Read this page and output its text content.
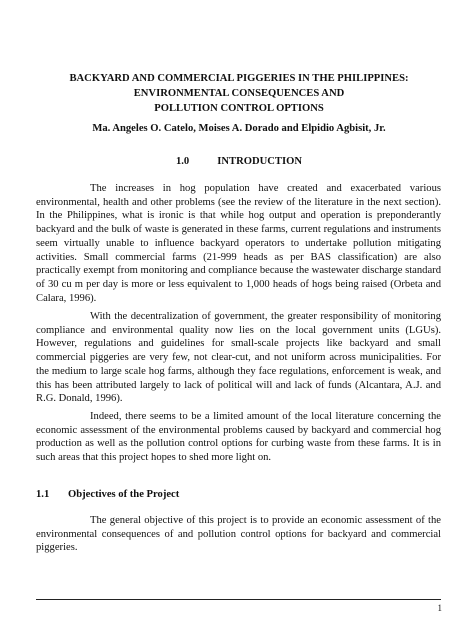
BACKYARD AND COMMERCIAL PIGGERIES IN THE PHILIPPINES:
ENVIRONMENTAL CONSEQUENCES AND
POLLUTION CONTROL OPTIONS
Ma. Angeles O. Catelo, Moises A. Dorado and Elpidio Agbisit, Jr.
1.0	INTRODUCTION

The increases in hog population have created and exacerbated various environmental, health and other problems (see the review of the literature in the next section). In the Philippines, what is ironic is that while hog output and operation is preponderantly backyard and the bulk of waste is generated in these farms, current regulations and instruments seem virtually unable to influence backyard operators to undertake pollution mitigating activities. Small commercial farms (21-999 heads as per BAS classification) are also practically exempt from monitoring and compliance because the wastewater discharge standard of 30 cu m per day is more or less equivalent to 1,000 heads of hogs being raised (Orbeta and Calara, 1996).

With the decentralization of government, the greater responsibility of monitoring compliance and environmental quality now lies on the local government units (LGUs). However, regulations and guidelines for small-scale projects like backyard and small commercial piggeries are very few, not clear-cut, and not uniform across municipalities. For the medium to large scale hog farms, although they face regulations, enforcement is weak, and this has been attributed largely to lack of political will and lack of funds (Alcantara, A.J. and R.G. Donald, 1996).

Indeed, there seems to be a limited amount of the local literature concerning the economic assessment of the environmental problems caused by backyard and commercial hog production as well as the pollution control options for curbing waste from these farms. It is in such areas that this project hopes to shed more light on.

1.1 Objectives of the Project

The general objective of this project is to provide an economic assessment of the environmental consequences of and pollution control options for backyard and commercial piggeries.

1
